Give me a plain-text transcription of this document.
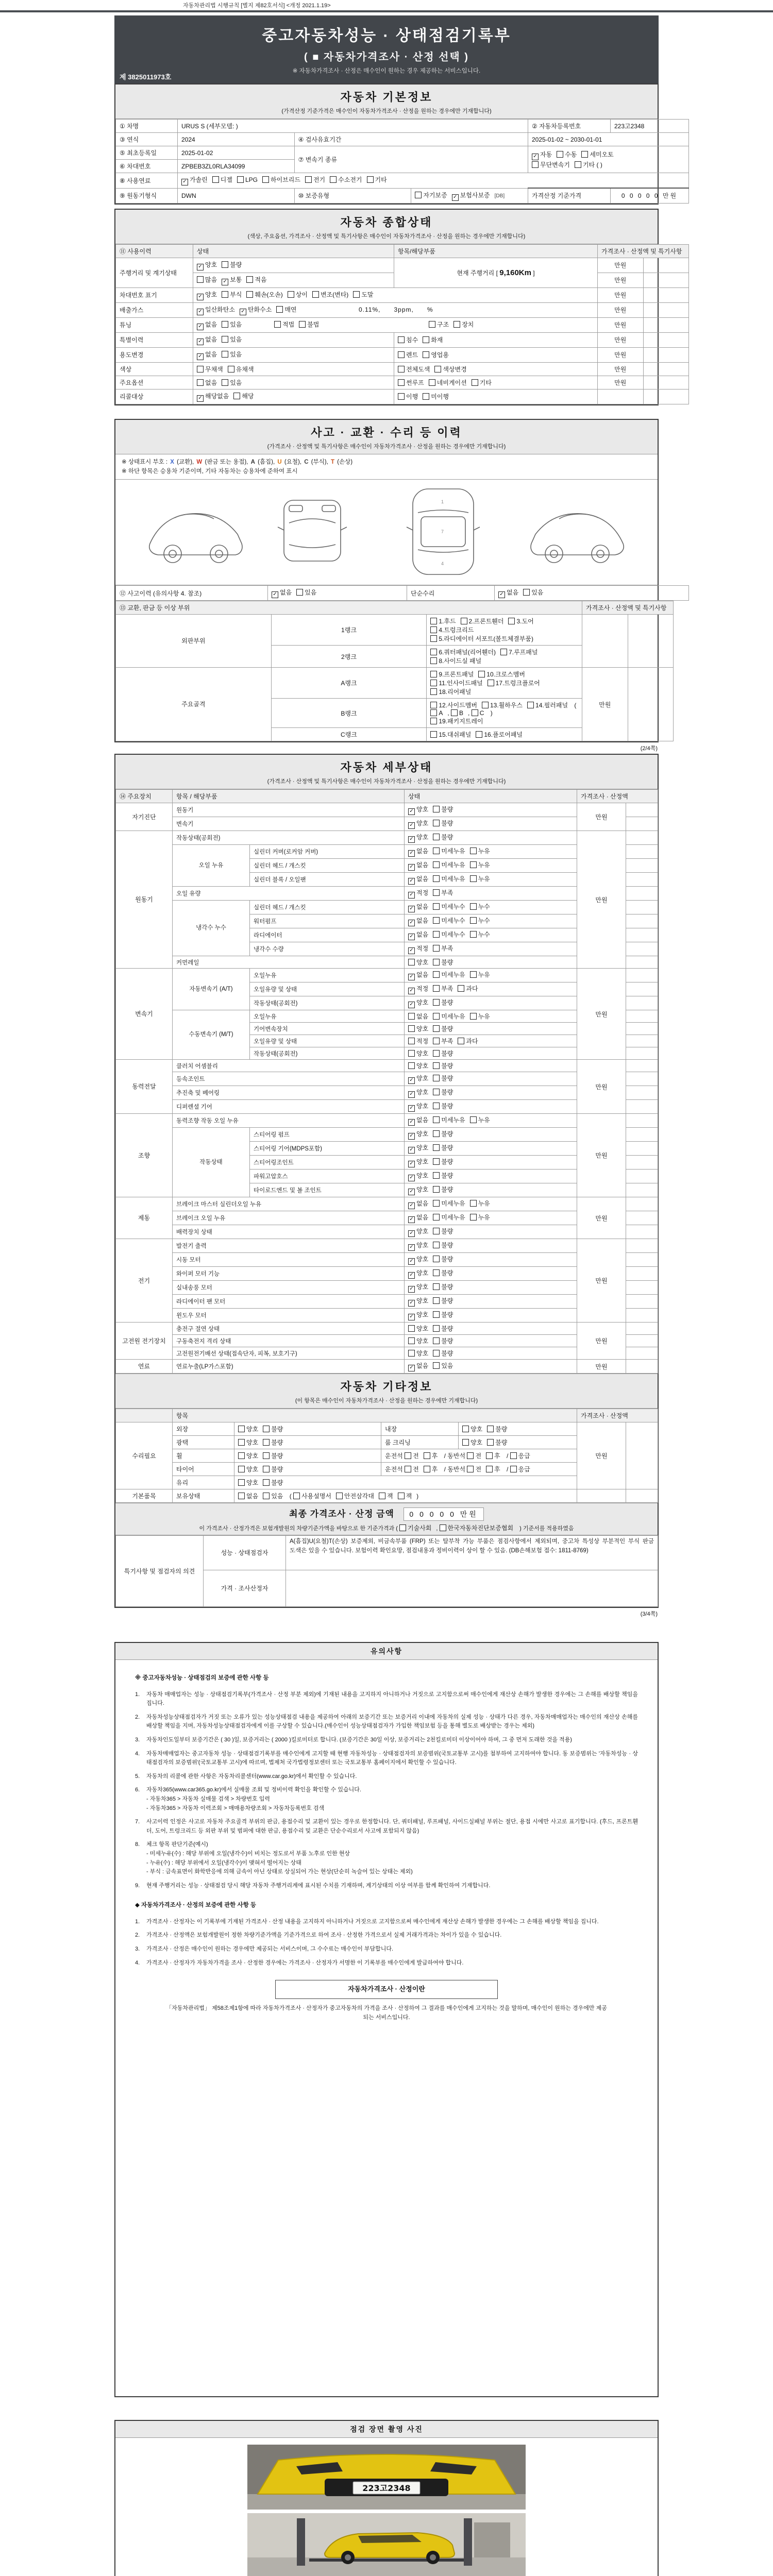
자동차관리법 시행규칙 [별지 제82호서식] <개정 2021.1.19>
중고자동차성능 · 상태점검기록부
( ■ 자동차가격조사 · 산정 선택 )
※ 자동차가격조사 · 산정은 매수인이 원하는 경우 제공하는 서비스입니다.
제 3825011973호
자동차 기본정보
(가격산정 기준가격은 매수인이 자동차가격조사 · 산정을 원하는 경우에만 기재합니다)
① 차명	URUS S (세부모델: )			② 자동차등록번호	223고2348
③ 연식	2024	④ 검사유효기간		2025-01-02 ~ 2030-01-01	
⑤ 최초등록일	2025-01-02	⑦ 변속기 종류		✓ 자동 수동 세미오토
무단변속기 기타 ( )	
⑥ 차대번호	ZPBEB3ZL0RLA34099				
⑧ 사용연료	✓ 가솔린 디젤 LPG 하이브리드 전기 수소전기 기타				
⑨ 원동기형식	DWN	⑩ 보증유형	자기보증 ✓ 보험사보증 [DB]	가격산정 기준가격	0 0 0 0 0 만원
자동차 종합상태
(색상, 주요옵션, 가격조사 · 산정액 및 특기사항은 매수인이 자동차가격조사 · 산정을 원하는 경우에만 기재합니다)
⑪ 사용이력	상태	항목/해당부품	가격조사 · 산정액 및 특기사항	
주행거리 및 계기상태	✓ 양호 불량	현재 주행거리 [ 9,160Km ]	만원	
	많음 ✓ 보통 적음		만원	
차대번호 표기	✓ 양호 부식 훼손(오손) 상이 변조(변타) 도말		만원	
배출가스	✓ 일산화탄소 ✓ 탄화수소 매연 0.11%,      3ppm,      %		만원	
튜닝	✓ 없음 있음 적법 불법 구조 장치		만원	
특별이력	✓ 없음 있음	침수 화재	만원	
용도변경	✓ 없음 있음	렌트 영업용	만원	
색상	무채색 유채색	전체도색 색상변경	만원	
주요옵션	없음 있음	썬루프 네비게이션 기타	만원	
리콜대상	✓ 해당없음 해당	이행 미이행		
사고 · 교환 · 수리 등 이력
(가격조사 · 산정액 및 특기사항은 매수인이 자동차가격조사 · 산정을 원하는 경우에만 기재합니다)
※ 상태표시 부호 : X (교환), W (판금 또는 용접), A (흠집), U (요철), C (부식), T (손상)
※ 하단 항목은 승용차 기준이며, 기타 자동차는 승용차에 준하여 표시
1
7
4
⑫ 사고이력 (유의사항 4. 참조)	✓ 없음 있음	단순수리	✓ 없음 있음
⑬ 교환, 판금 등 이상 부위			가격조사 · 산정액 및 특기사항	
외판부위	1랭크	1.후드 2.프론트휀더 3.도어4.트렁크리드
5.라디에이터 서포트(볼트체결부품)		
	2랭크	6.쿼터패널(리어휀더) 7.루프패널8.사이드실 패널		
주요골격	A랭크	9.프론트패널 10.크로스멤버11.인사이드패널 17.트렁크플로어
18.리어패널	만원	
	B랭크	12.사이드멤버 13.휠하우스 14.필러패널 ( A , B , C )
19.패키지트레이		
	C랭크	15.대쉬패널 16.플로어패널		
(2/4쪽)
자동차 세부상태
(가격조사 · 산정액 및 특기사항은 매수인이 자동차가격조사 · 산정을 원하는 경우에만 기재합니다)
⑭ 주요장치	항목 / 해당부품		상태	가격조사 · 산정액	
자기진단	원동기		✓ 양호 불량	만원	
	변속기		✓ 양호 불량		
원동기	작동상태(공회전)		✓ 양호 불량	만원	
	오일 누유	실린더 커버(로커암 커버)	✓ 없음 미세누유 누유		
		실린더 헤드 / 개스킷	✓ 없음 미세누유 누유		
		실린더 블록 / 오일팬	✓ 없음 미세누유 누유		
	오일 유량		✓ 적정 부족		
	냉각수 누수	실린더 헤드 / 개스킷	✓ 없음 미세누수 누수		
		워터펌프	✓ 없음 미세누수 누수		
		라디에이터	✓ 없음 미세누수 누수		
		냉각수 수량	✓ 적정 부족		
	커먼레일		양호 불량		
변속기	자동변속기 (A/T)	오일누유	✓ 없음 미세누유 누유	만원	
		오일유량 및 상태	✓ 적정 부족 과다		
		작동상태(공회전)	✓ 양호 불량		
	수동변속기 (M/T)	오일누유	없음 미세누유 누유		
		기어변속장치	양호 불량		
		오일유량 및 상태	적정 부족 과다		
		작동상태(공회전)	양호 불량		
동력전달	클러치 어셈블리		양호 불량	만원	
	등속조인트		✓ 양호 불량		
	추진축 및 베어링		✓ 양호 불량		
	디퍼렌셜 기어		✓ 양호 불량		
조향	동력조향 작동 오일 누유		✓ 없음 미세누유 누유	만원	
	작동상태	스티어링 펌프	✓ 양호 불량		
		스티어링 기어(MDPS포함)	✓ 양호 불량		
		스티어링조인트	✓ 양호 불량		
		파워고압호스	✓ 양호 불량		
		타이로드엔드 및 볼 조인트	✓ 양호 불량		
제동	브레이크 마스터 실린더오일 누유		✓ 없음 미세누유 누유	만원	
	브레이크 오일 누유		✓ 없음 미세누유 누유		
	배력장치 상태		✓ 양호 불량		
전기	발전기 출력		✓ 양호 불량	만원	
	시동 모터		✓ 양호 불량		
	와이퍼 모터 기능		✓ 양호 불량		
	실내송풍 모터		✓ 양호 불량		
	라디에이터 팬 모터		✓ 양호 불량		
	윈도우 모터		✓ 양호 불량		
고전원 전기장치	충전구 절연 상태		양호 불량	만원	
	구동축전지 격리 상태		양호 불량		
	고전원전기배선 상태(접속단자, 피복, 보호기구)		양호 불량		
연료	연료누출(LP가스포함)		✓ 없음 있음	만원	
자동차 기타정보
(이 항목은 매수인이 자동차가격조사 · 산정을 원하는 경우에만 기재합니다)
	항목				가격조사 · 산정액	
수리필요	외장	양호 불량	내장	양호 불량	만원	
	광택	양호 불량	룸 크리닝	양호 불량		
	휠	양호 불량	운전석 전 후 / 동반석 전 후 / 응급			
	타이어	양호 불량	운전석 전 후 / 동반석 전 후 / 응급			
	유리	양호 불량				
기본품목	보유상태	없음 있음 ( 사용설명서 안전삼각대 잭 잭 )				
최종 가격조사 · 산정 금액 0 0 0 0 0 만원
이 가격조사 · 산정가격은 보험개발원의 차량기준가액을 바탕으로 한 기준가격과 ( 기술사회 , 한국자동차진단보증협회 ) 기준서를 적용하였음
특기사항 및 점검자의 의견	성능 · 상태점검자	A(흠집)U(요철)T(손상) 보증제외, 비금속부품 (FRP) 또는 탈부착 가능 부품은 점검사항에서 제외되며, 중고차 특성상 부분적인 부식 판금 도색은 있을 수 있습니다. 보험이력 확인요망, 점검내용과 정비이력이 상이 할 수 있음. (DB손해보험 접수: 1811-8769)
	가격 · 조사산정자	
(3/4쪽)
유의사항
※ 중고자동차성능 · 상태점검의 보증에 관한 사항 등
1.	자동차 매매업자는 성능 · 상태점검기록부(가격조사 · 산정 부분 제외)에 기재된 내용을 고지하지 아니하거나 거짓으로 고지함으로써 매수인에게 재산상 손해가 발생한 경우에는 그 손해를 배상할 책임을 집니다.
2.	자동차성능상태점검자가 거짓 또는 오류가 있는 성능상태점검 내용을 제공하여 아래의 보증기간 또는 보증거리 이내에 자동차의 실제 성능 · 상태가 다른 경우, 자동차매매업자는 매수인의 재산상 손해를 배상할 책임을 지며, 자동차성능상태점검자에게 이를 구상할 수 있습니다.(매수인이 성능상태점검자가 가입한 책임보험 등을 통해 별도로 배상받는 경우는 제외)
3.	자동차인도일부터 보증기간은 ( 30 )일, 보증거리는 ( 2000 )킬로미터로 합니다. (보증기간은 30일 이상, 보증거리는 2천킬로미터 이상이어야 하며, 그 중 먼저 도래한 것을 적용)
4.	자동차매매업자는 중고자동차 성능 · 상태점검기록부를 매수인에게 고지할 때 현행 자동차성능 · 상태점검자의 보증범위(국토교통부 고시)를 첨부하여 고지하여야 합니다. 동 보증범위는 '자동차성능 · 상태점검자의 보증범위'(국토교통부 고시)에 따르며, 법제처 국가법령정보센터 또는 국토교통부 홈페이지에서 확인할 수 있습니다.
5.	자동차의 리콜에 관한 사항은 자동차리콜센터(www.car.go.kr)에서 확인할 수 있습니다.
6.	자동차365(www.car365.go.kr)에서 실매물 조회 및 정비이력 확인을 확인할 수 있습니다.
- 자동차365 > 자동차 실매물 검색 > 차량번호 입력
- 자동차365 > 자동차 이력조회 > 매매용차량조회 > 자동차등록번호 검색
7.	사고이력 인정은 사고로 자동차 주요골격 부위의 판금, 용접수리 및 교환이 있는 경우로 한정합니다. 단, 쿼터패널, 루프패널, 사이드실패널 부위는 절단, 용접 시에만 사고로 표기합니다. (후드, 프론트휀더, 도어, 트렁크리드 등 외판 부위 및 범퍼에 대한 판금, 용접수리 및 교환은 단순수리로서 사고에 포함되지 않음)
8.	체크 항목 판단기준(예시)
- 미세누유(수) : 해당 부위에 오일(냉각수)이 비치는 정도로서 부품 노후로 인한 현상
- 누유(수) : 해당 부위에서 오일(냉각수)이 맺혀서 떨어지는 상태
- 부식 : 금속표면이 화학반응에 의해 금속이 아닌 상태로 상실되어 가는 현상(단순히 녹슬어 있는 상태는 제외)
9.	현재 주행거리는 성능 · 상태점검 당시 해당 자동차 주행거리계에 표시된 수치를 기재하며, 계기상태의 이상 여부를 함께 확인하여 기재합니다.
◆ 자동차가격조사 · 산정의 보증에 관한 사항 등
1.	가격조사 · 산정자는 이 기록부에 기재된 가격조사 · 산정 내용을 고지하지 아니하거나 거짓으로 고지함으로써 매수인에게 재산상 손해가 발생한 경우에는 그 손해를 배상할 책임을 집니다.
2.	가격조사 · 산정액은 보험개발원이 정한 차량기준가액을 기준가격으로 하여 조사 · 산정한 가격으로서 실제 거래가격과는 차이가 있을 수 있습니다.
3.	가격조사 · 산정은 매수인이 원하는 경우에만 제공되는 서비스이며, 그 수수료는 매수인이 부담합니다.
4.	가격조사 · 산정자가 자동차가격을 조사 · 산정한 경우에는 가격조사 · 산정자가 서명한 이 기록부를 매수인에게 발급하여야 합니다.
자동차가격조사 · 산정이란
「자동차관리법」 제58조제1항에 따라 자동차가격조사 · 산정자가 중고자동차의 가격을 조사 · 산정하여 그 결과를 매수인에게 고지하는 것을 말하며, 매수인이 원하는 경우에만 제공되는 서비스입니다.
점검 장면 촬영 사진
223고2348
